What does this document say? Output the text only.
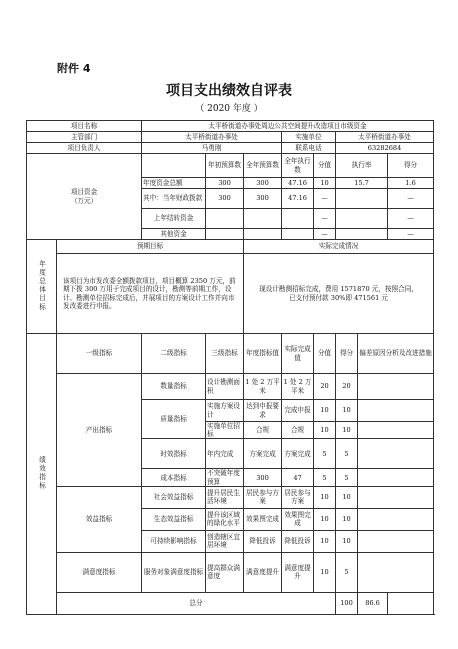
附件 4
项目支出绩效自评表
（ 2020 年度 ）
项目名称		太平桥街道办事处周边公共空间提升改造项目市级资金							
主管部门		太平桥街道办事处			实施单位		太平桥街道办事处		
项目负责人		马勇刚			联系电话		63282684		
项目资金
（万元）			年初预算数	全年预算数	全年执行数	分值	执行率		得分
		年度资金总额	300	300	47.16	10	15.7		1.6
		其中：当年财政拨款	300	300	47.16	—			—
		上年结转资金				—			—
		其他资金				—			—
年度总体目标	预期目标			实际完成情况					
	该项目为市发改委全额拨款项目，项目概算 2350 万元，前期下拨 300 万用于完成项目的设计，勘测等前期工作，设计、勘测单位招标完成后，并展项目的方案设计工作并向市发改委进行申报。			现设计勘测招标完成，费用 1571870 元，按照合同，已支付预付款 30%即 471561 元					
绩效指标	一级指标	二级指标	三级指标	年度指标值	实际完成值	分值	得分	偏差原因分析及改进措施	
	产出指标	数量指标	设计勘测面积	1 处 2 万平米	1 处 2 万平米	20	20		
		质量指标	实施方案设计	达到申报要求	完成申报	10	10		
			实施单位招标	合规	合规	10	10		
		时效指标	年内完成	方案完成	方案完成	5	5		
		成本指标	不突破年度预算	300	47	5	5		
	效益指标	社会效益指标	提升居民生活环境	居民参与方案	居民参与方案	10	10		
		生态效益指标	提升该区域的绿化水平	效果图完成	效果图完成	10	10		
		可持续影响指标	创造辖区宜居环境	降低投诉	降低投诉	10	10		
	满意度指标	服务对象满意度指标	提高群众满意度	满意度提升	满意度提升	10	5		
	总分						100	86.6	
